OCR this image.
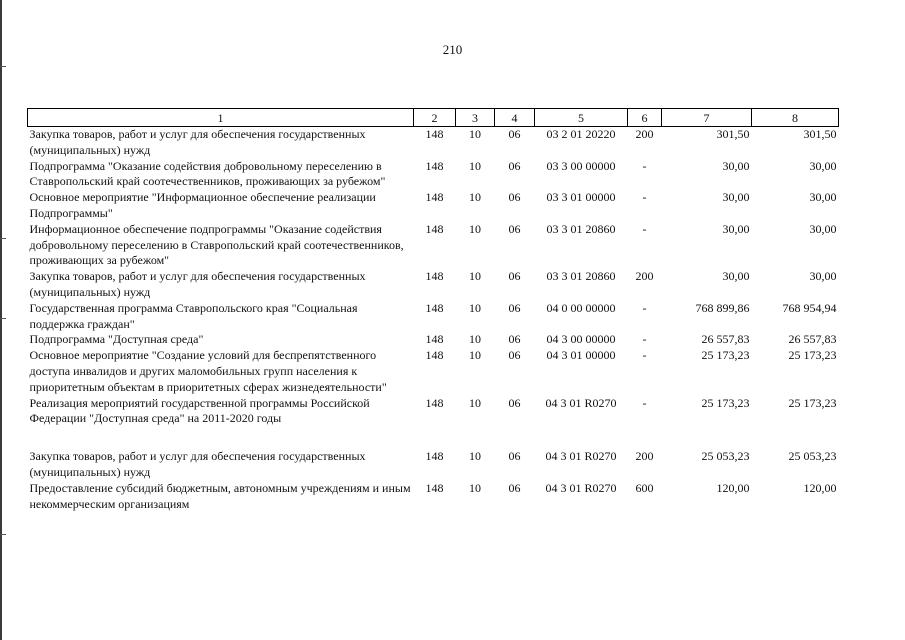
210
1	2	3	4	5	6	7	8
Закупка товаров, работ и услуг для обеспечения государственных (муниципальных) нужд	148	10	06	03 2 01 20220	200	301,50	301,50
Подпрограмма "Оказание содействия добровольному переселению в Ставропольский край соотечественников, проживающих за рубежом"	148	10	06	03 3 00 00000	-	30,00	30,00
Основное мероприятие "Информационное обеспечение реализации Подпрограммы"	148	10	06	03 3 01 00000	-	30,00	30,00
Информационное обеспечение подпрограммы "Оказание содействия добровольному переселению в Ставропольский край соотечественников, проживающих за рубежом"	148	10	06	03 3 01 20860	-	30,00	30,00
Закупка товаров, работ и услуг для обеспечения государственных (муниципальных) нужд	148	10	06	03 3 01 20860	200	30,00	30,00
Государственная программа Ставропольского края "Социальная поддержка граждан"	148	10	06	04 0 00 00000	-	768 899,86	768 954,94
Подпрограмма "Доступная среда"	148	10	06	04 3 00 00000	-	26 557,83	26 557,83
Основное мероприятие "Создание условий для беспрепятственного доступа инвалидов и других маломобильных групп населения к приоритетным объектам в приоритетных сферах жизнедеятельности"	148	10	06	04 3 01 00000	-	25 173,23	25 173,23
Реализация мероприятий государственной программы Российской Федерации "Доступная среда" на 2011-2020 годы	148	10	06	04 3 01 R0270	-	25 173,23	25 173,23
Закупка товаров, работ и услуг для обеспечения государственных (муниципальных) нужд	148	10	06	04 3 01 R0270	200	25 053,23	25 053,23
Предоставление субсидий бюджетным, автономным учреждениям и иным некоммерческим организациям	148	10	06	04 3 01 R0270	600	120,00	120,00
